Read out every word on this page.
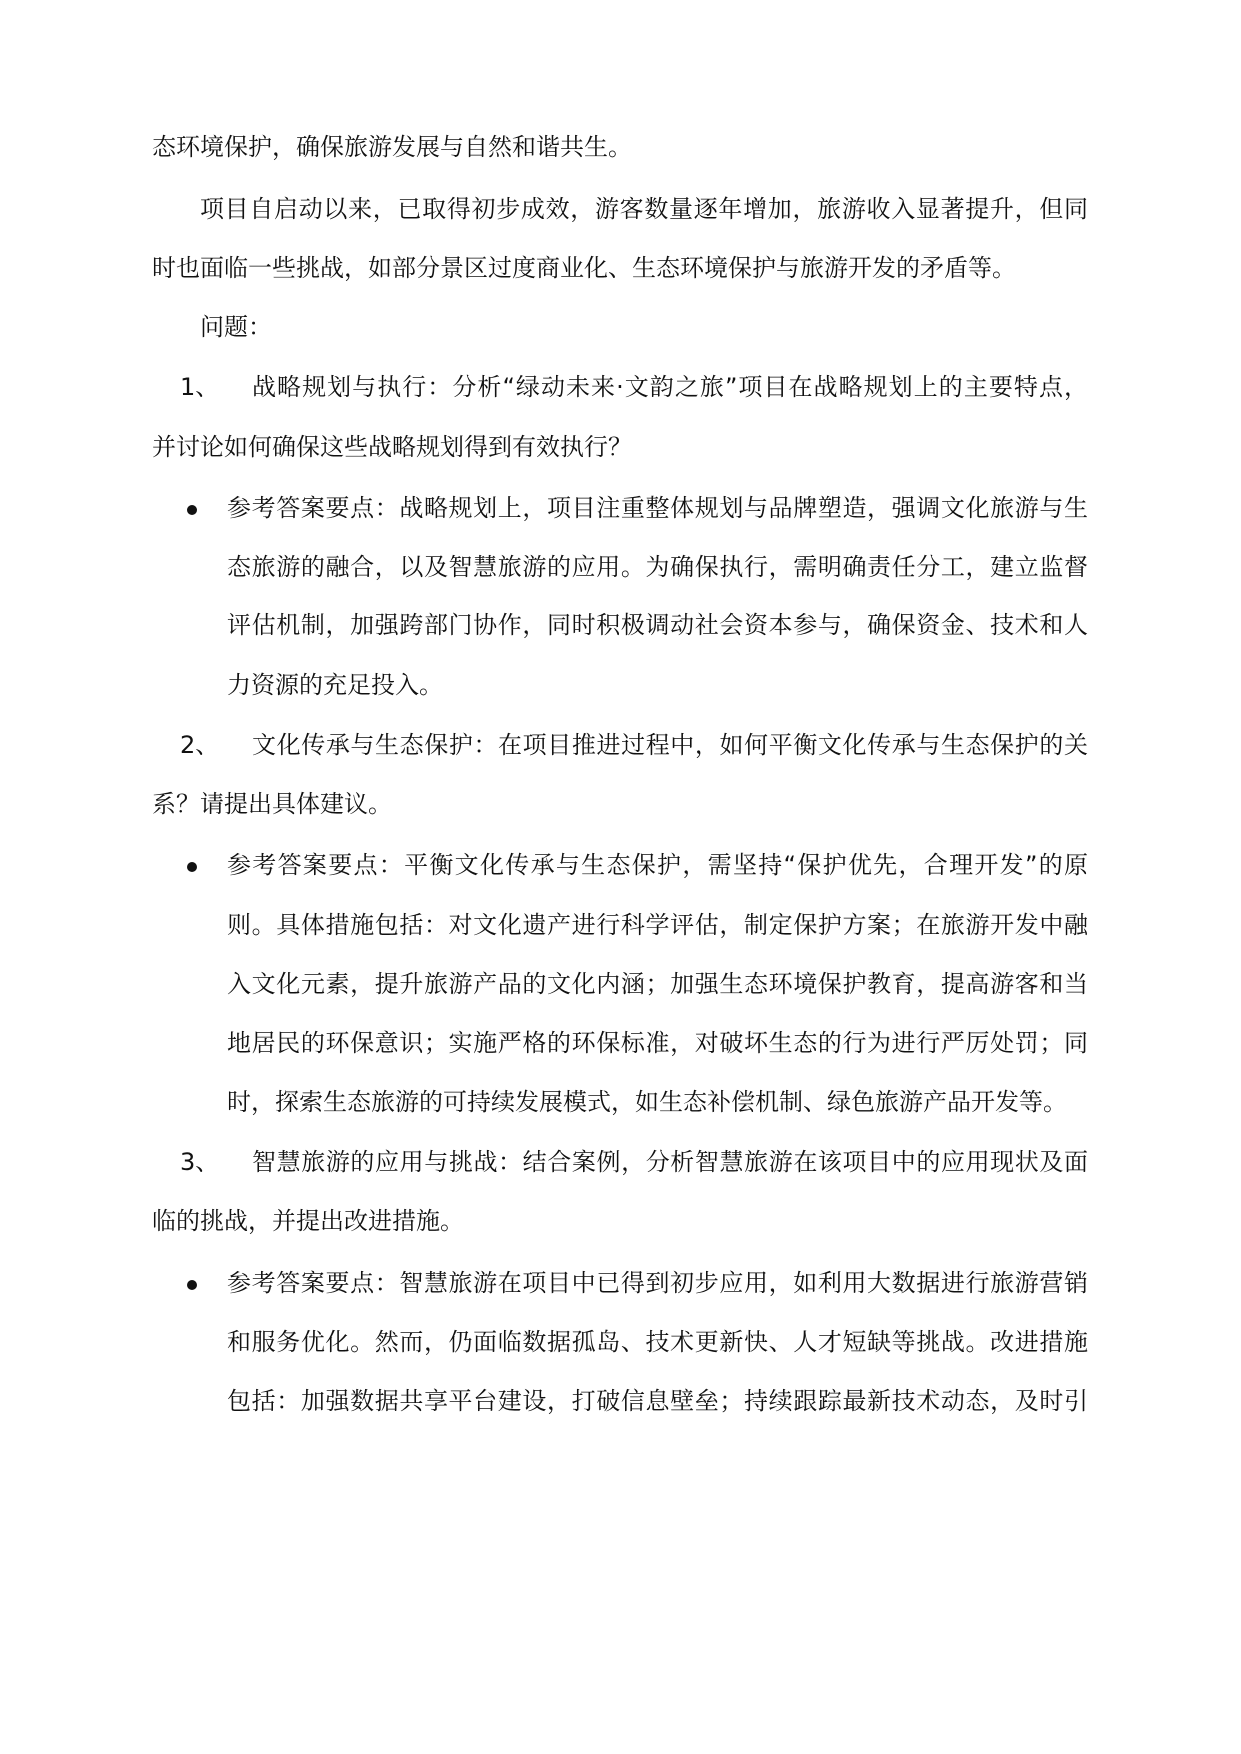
态环境保护，确保旅游发展与自然和谐共生。
项目自启动以来，已取得初步成效，游客数量逐年增加，旅游收入显著提升，但同
时也面临一些挑战，如部分景区过度商业化、生态环境保护与旅游开发的矛盾等。
问题：
1、 战略规划与执行：分析“绿动未来·文韵之旅”项目在战略规划上的主要特点，
并讨论如何确保这些战略规划得到有效执行？
参考答案要点：战略规划上，项目注重整体规划与品牌塑造，强调文化旅游与生
态旅游的融合，以及智慧旅游的应用。为确保执行，需明确责任分工，建立监督
评估机制，加强跨部门协作，同时积极调动社会资本参与，确保资金、技术和人
力资源的充足投入。
2、 文化传承与生态保护：在项目推进过程中，如何平衡文化传承与生态保护的关
系？请提出具体建议。
参考答案要点：平衡文化传承与生态保护，需坚持“保护优先，合理开发”的原
则。具体措施包括：对文化遗产进行科学评估，制定保护方案；在旅游开发中融
入文化元素，提升旅游产品的文化内涵；加强生态环境保护教育，提高游客和当
地居民的环保意识；实施严格的环保标准，对破坏生态的行为进行严厉处罚；同
时，探索生态旅游的可持续发展模式，如生态补偿机制、绿色旅游产品开发等。
3、 智慧旅游的应用与挑战：结合案例，分析智慧旅游在该项目中的应用现状及面
临的挑战，并提出改进措施。
参考答案要点：智慧旅游在项目中已得到初步应用，如利用大数据进行旅游营销
和服务优化。然而，仍面临数据孤岛、技术更新快、人才短缺等挑战。改进措施
包括：加强数据共享平台建设，打破信息壁垒；持续跟踪最新技术动态，及时引
